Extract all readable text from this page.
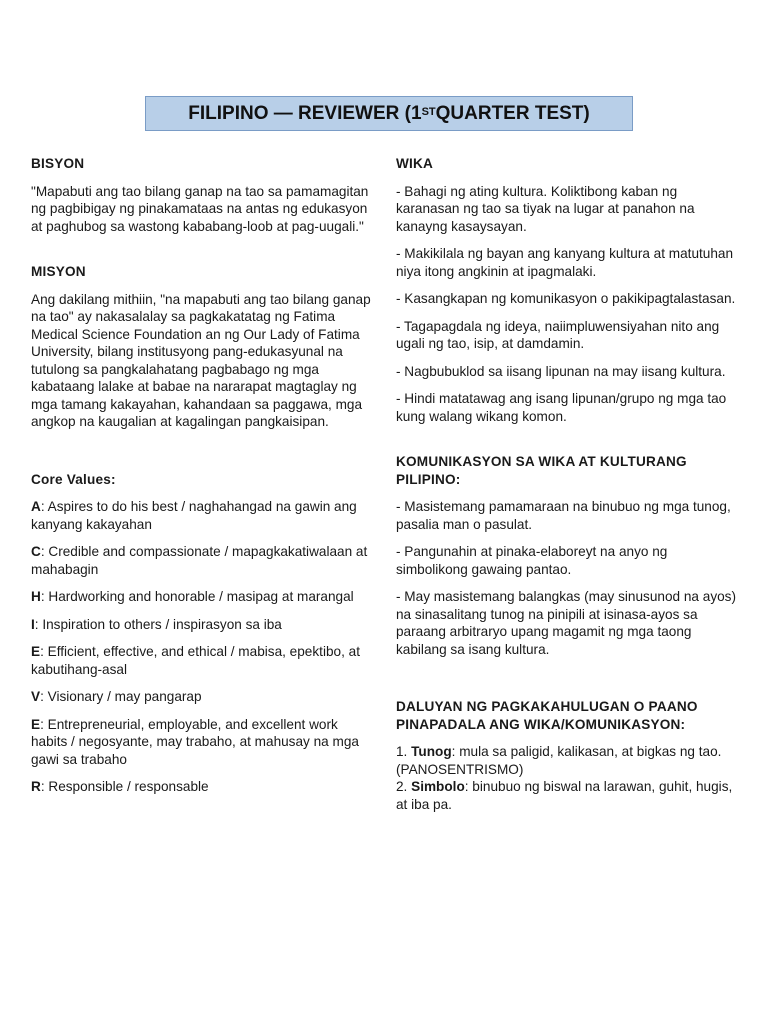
FILIPINO — REVIEWER (1ST QUARTER TEST)
BISYON

"Mapabuti ang tao bilang ganap na tao sa pamamagitan ng pagbibigay ng pinakamataas na antas ng edukasyon at paghubog sa wastong kababang-loob at pag-uugali."

MISYON

Ang dakilang mithiin, "na mapabuti ang tao bilang ganap na tao" ay nakasalalay sa pagkakatatag ng Fatima Medical Science Foundation an ng Our Lady of Fatima University, bilang institusyong pang-edukasyunal na tutulong sa pangkalahatang pagbabago ng mga kabataang lalake at babae na nararapat magtaglay ng mga tamang kakayahan, kahandaan sa paggawa, mga angkop na kaugalian at kagalingan pangkaisipan.

Core Values:

A: Aspires to do his best / naghahangad na gawin ang kanyang kakayahan

C: Credible and compassionate / mapagkakatiwalaan at mahabagin

H: Hardworking and honorable / masipag at marangal

I: Inspiration to others / inspirasyon sa iba

E: Efficient, effective, and ethical / mabisa, epektibo, at kabutihang-asal

V: Visionary / may pangarap

E: Entrepreneurial, employable, and excellent work habits / negosyante, may trabaho, at mahusay na mga gawi sa trabaho

R: Responsible / responsable

WIKA

- Bahagi ng ating kultura. Koliktibong kaban ng karanasan ng tao sa tiyak na lugar at panahon na kanayng kasaysayan.

- Makikilala ng bayan ang kanyang kultura at matutuhan niya itong angkinin at ipagmalaki.

- Kasangkapan ng komunikasyon o pakikipagtalastasan.

- Tagapagdala ng ideya, naiimpluwensiyahan nito ang ugali ng tao, isip, at damdamin.

- Nagbubuklod sa iisang lipunan na may iisang kultura.

- Hindi matatawag ang isang lipunan/grupo ng mga tao kung walang wikang komon.

KOMUNIKASYON SA WIKA AT KULTURANG PILIPINO:

- Masistemang pamamaraan na binubuo ng mga tunog, pasalia man o pasulat.

- Pangunahin at pinaka-elaboreyt na anyo ng simbolikong gawaing pantao.

- May masistemang balangkas (may sinusunod na ayos) na sinasalitang tunog na pinipili at isinasa-ayos sa paraang arbitraryo upang magamit ng mga taong kabilang sa isang kultura.

DALUYAN NG PAGKAKAHULUGAN O PAANO PINAPADALA ANG WIKA/KOMUNIKASYON:

1. Tunog: mula sa paligid, kalikasan, at bigkas ng tao. (PANOSENTRISMO)

2. Simbolo: binubuo ng biswal na larawan, guhit, hugis, at iba pa.
